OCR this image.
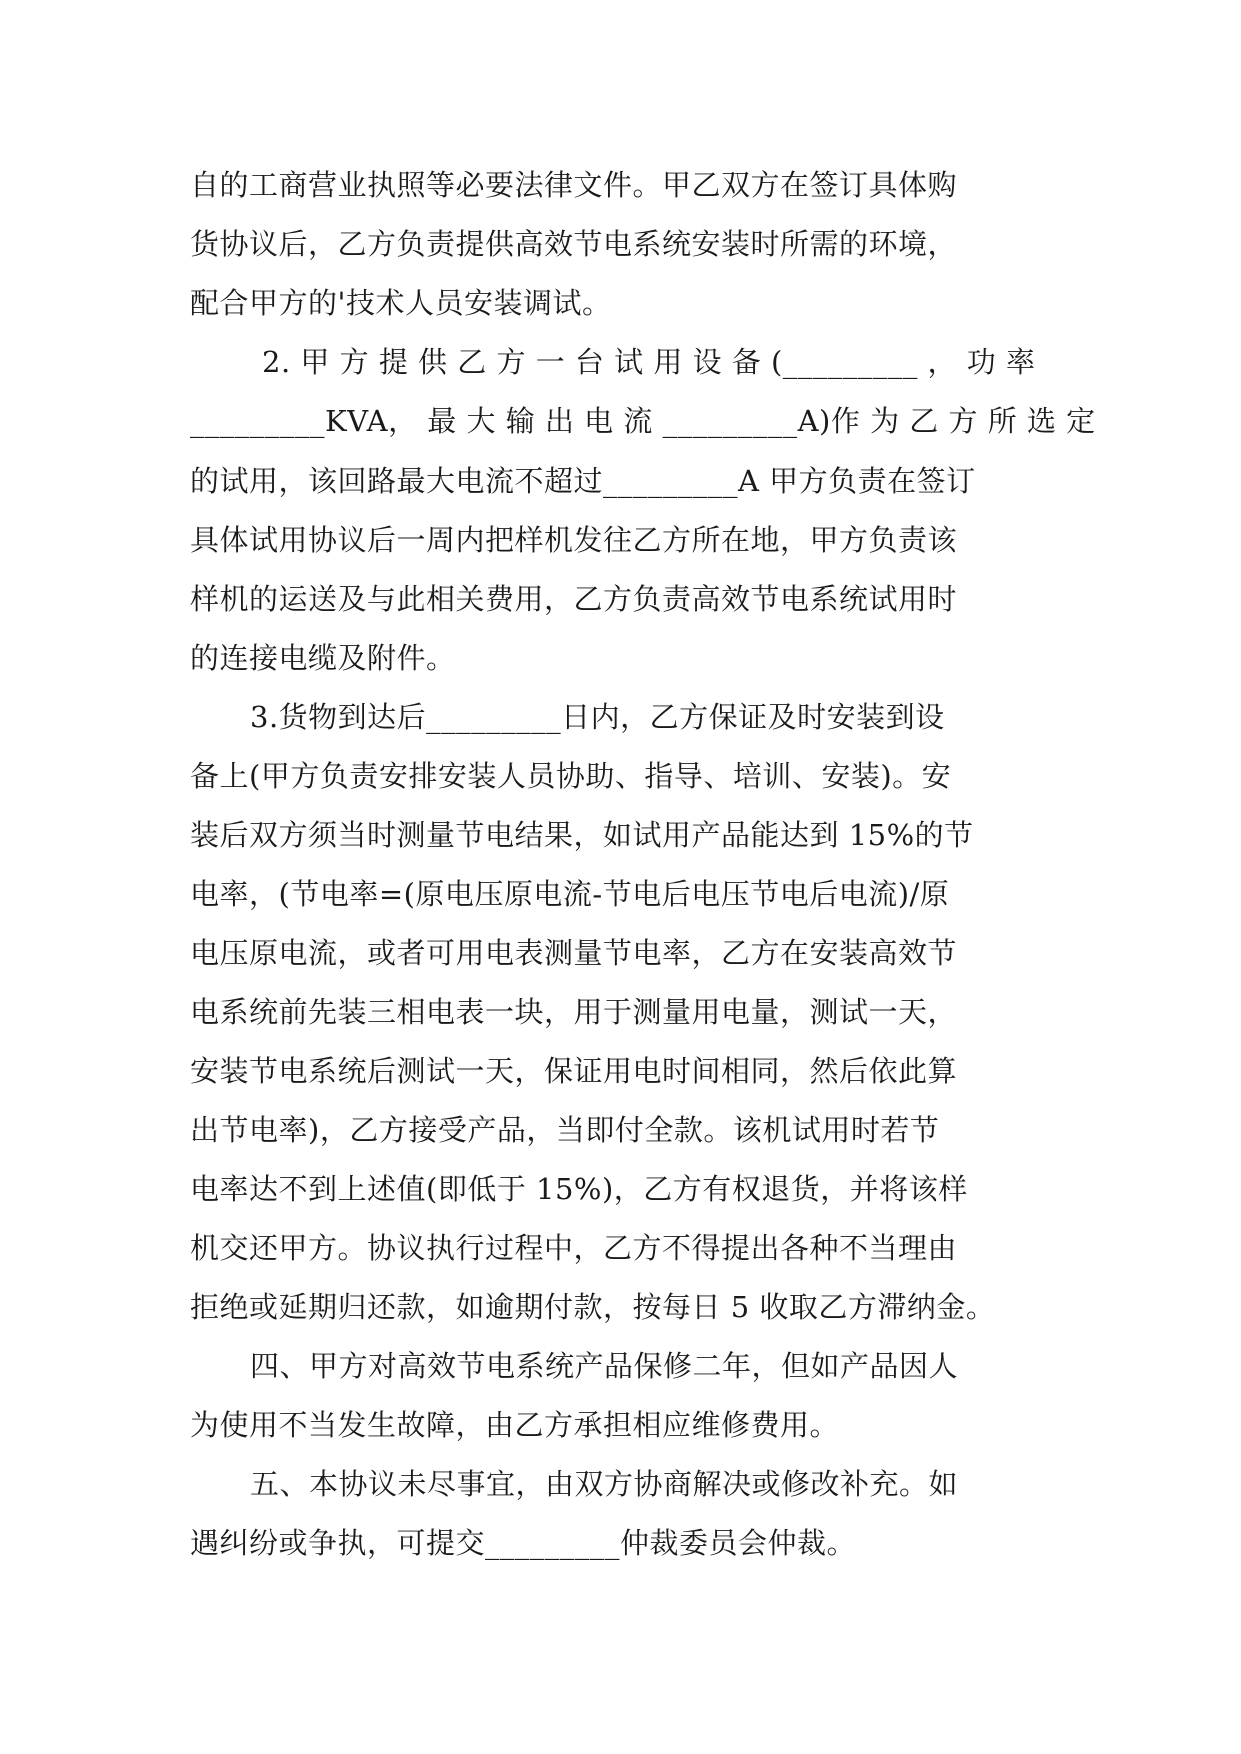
自的工商营业执照等必要法律文件。甲乙双方在签订具体购
货协议后，乙方负责提供高效节电系统安装时所需的环境，
配合甲方的'技术人员安装调试。
2. 甲 方 提 供 乙 方 一 台 试 用 设 备 (_________ ， 功 率
_________KVA， 最 大 输 出 电 流 _________A)作 为 乙 方 所 选 定
的试用，该回路最大电流不超过_________A 甲方负责在签订
具体试用协议后一周内把样机发往乙方所在地，甲方负责该
样机的运送及与此相关费用，乙方负责高效节电系统试用时
的连接电缆及附件。
3.货物到达后_________日内，乙方保证及时安装到设
备上(甲方负责安排安装人员协助、指导、培训、安装)。安
装后双方须当时测量节电结果，如试用产品能达到 15%的节
电率，(节电率=(原电压原电流-节电后电压节电后电流)/原
电压原电流，或者可用电表测量节电率，乙方在安装高效节
电系统前先装三相电表一块，用于测量用电量，测试一天，
安装节电系统后测试一天，保证用电时间相同，然后依此算
出节电率)，乙方接受产品，当即付全款。该机试用时若节
电率达不到上述值(即低于 15%)，乙方有权退货，并将该样
机交还甲方。协议执行过程中，乙方不得提出各种不当理由
拒绝或延期归还款，如逾期付款，按每日 5 收取乙方滞纳金。
四、甲方对高效节电系统产品保修二年，但如产品因人
为使用不当发生故障，由乙方承担相应维修费用。
五、本协议未尽事宜，由双方协商解决或修改补充。如
遇纠纷或争执，可提交_________仲裁委员会仲裁。
